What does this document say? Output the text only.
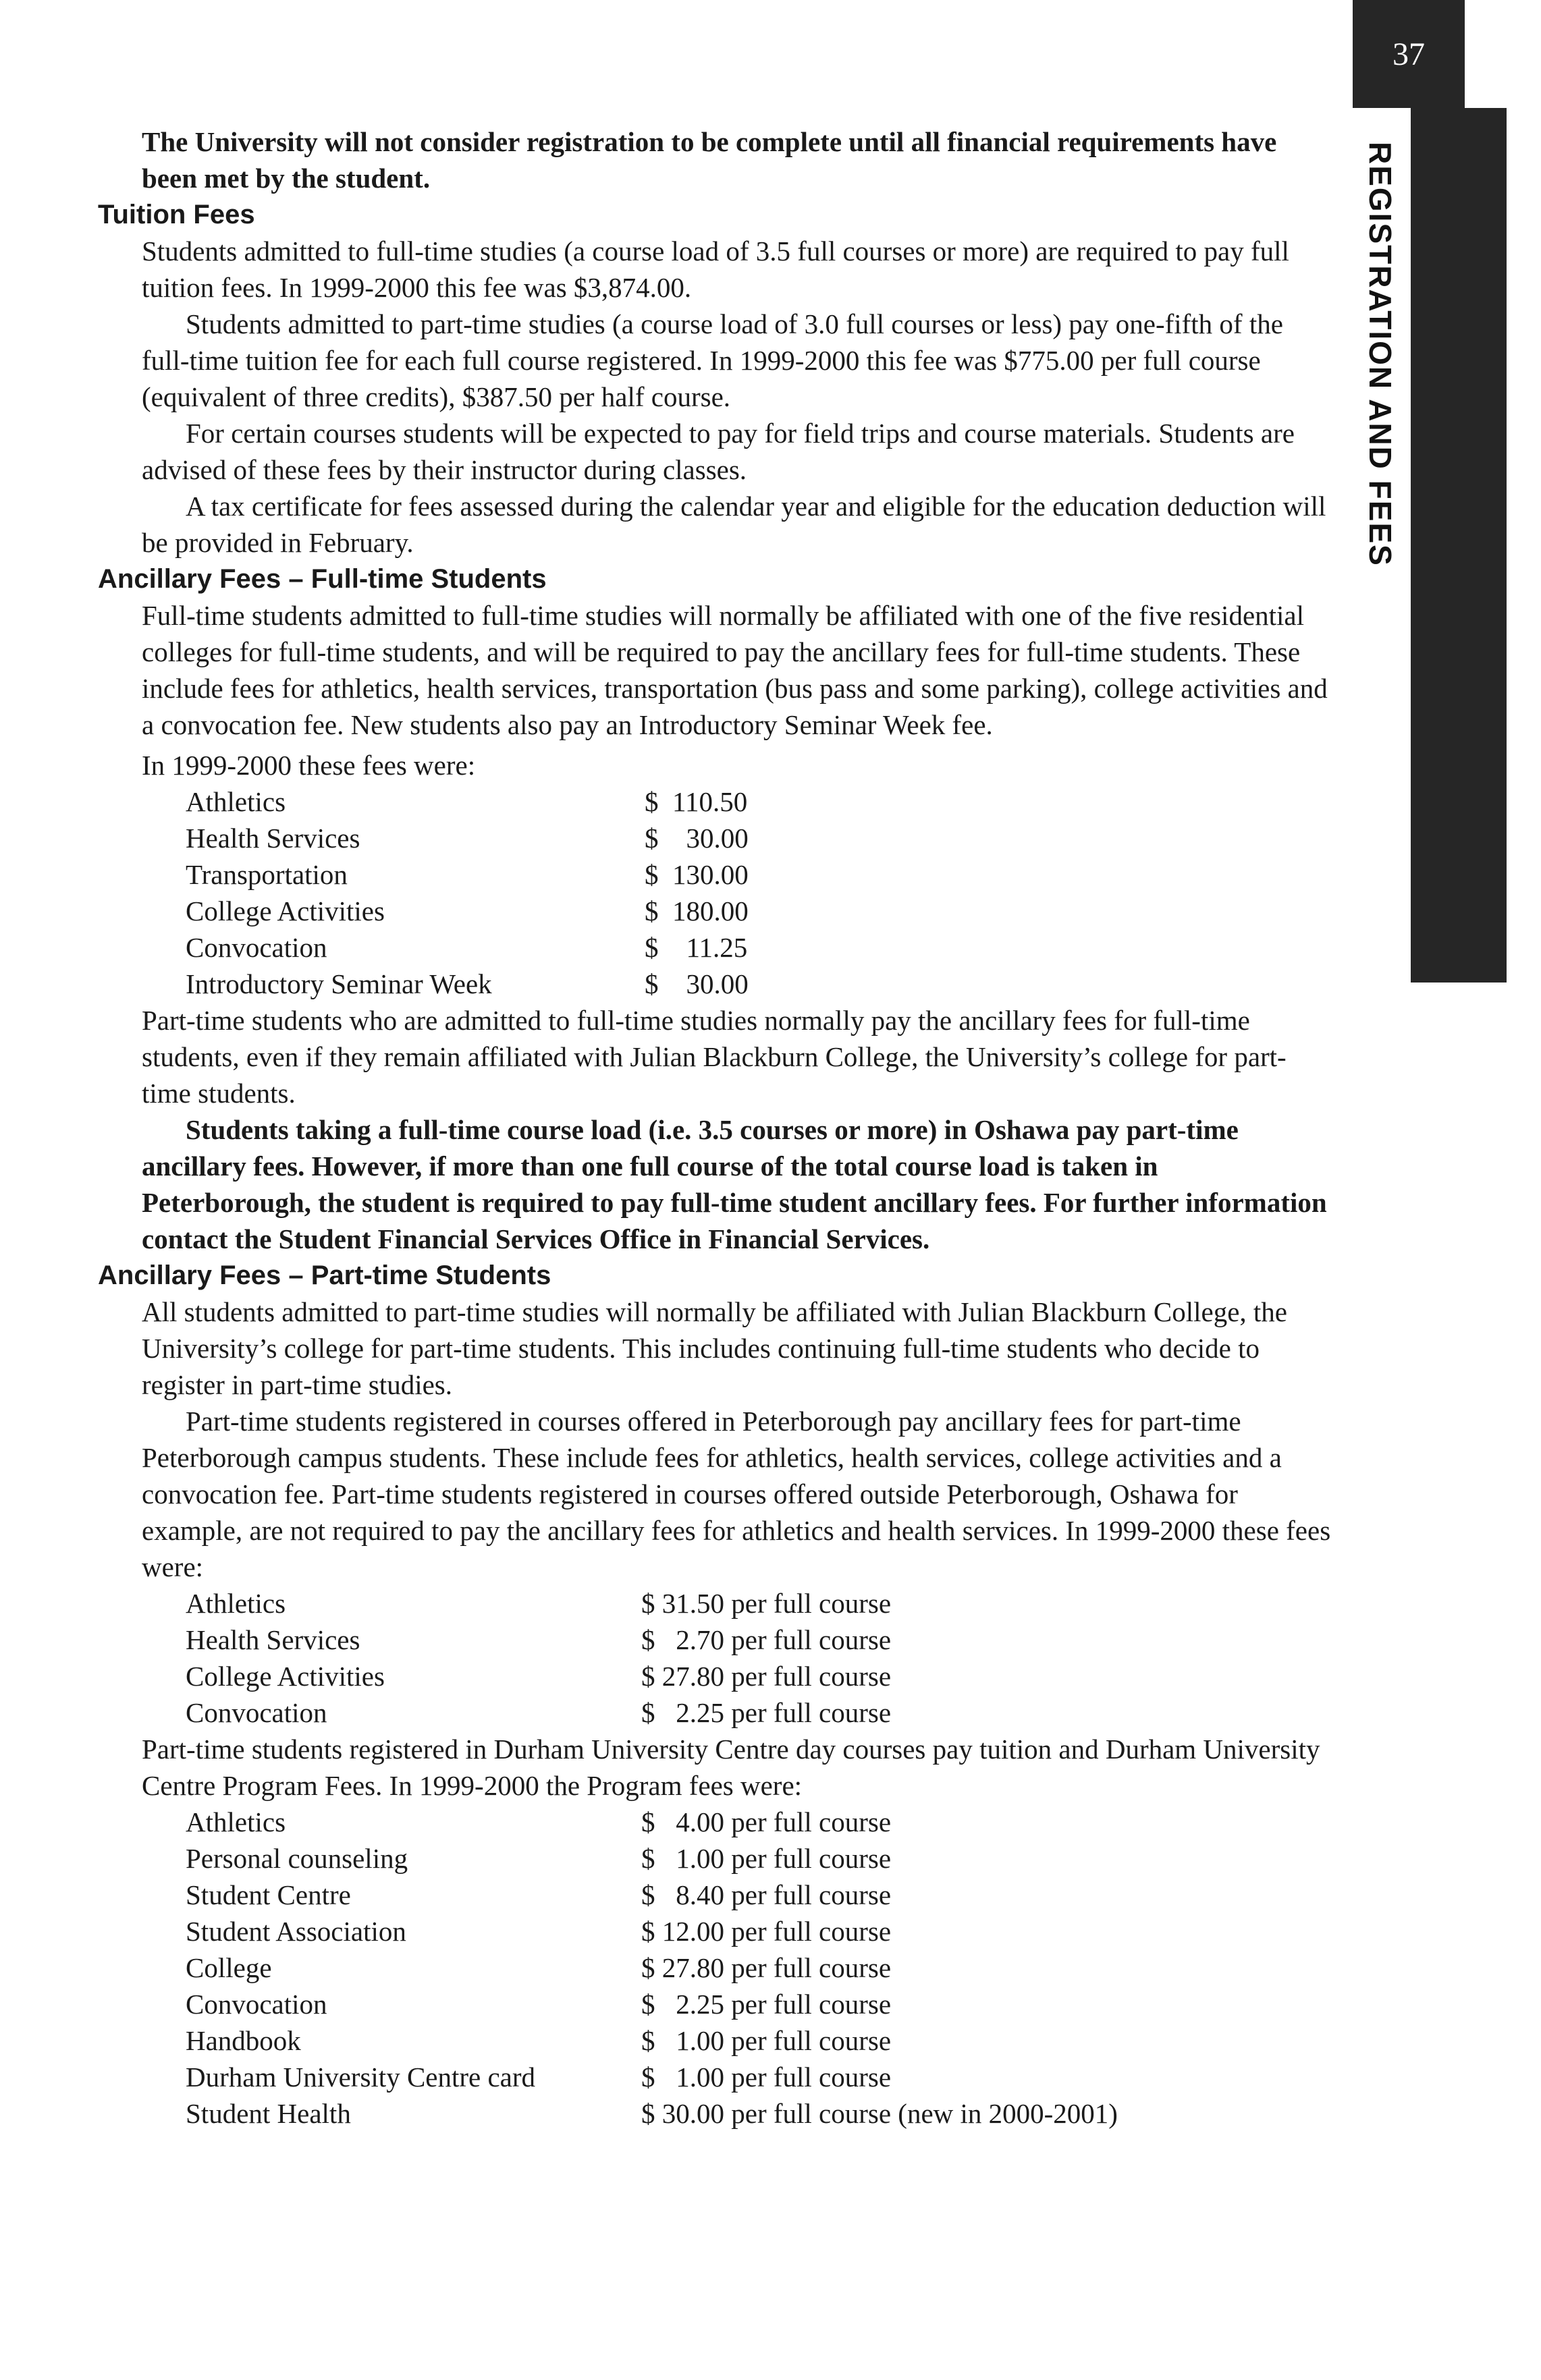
37
REGISTRATION AND FEES

The University will not consider registration to be complete until all financial requirements have been met by the student.

Tuition Fees

Students admitted to full-time studies (a course load of 3.5 full courses or more) are required to pay full tuition fees. In 1999-2000 this fee was $3,874.00.

Students admitted to part-time studies (a course load of 3.0 full courses or less) pay one-fifth of the full-time tuition fee for each full course registered. In 1999-2000 this fee was $775.00 per full course (equivalent of three credits), $387.50 per half course.

For certain courses students will be expected to pay for field trips and course materials. Students are advised of these fees by their instructor during classes.

A tax certificate for fees assessed during the calendar year and eligible for the education deduction will be provided in February.

Ancillary Fees – Full-time Students

Full-time students admitted to full-time studies will normally be affiliated with one of the five residential colleges for full-time students, and will be required to pay the ancillary fees for full-time students. These include fees for athletics, health services, transportation (bus pass and some parking), college activities and a convocation fee. New students also pay an Introductory Seminar Week fee.

In 1999-2000 these fees were:

Athletics	$  110.50
Health Services	$    30.00
Transportation	$  130.00
College Activities	$  180.00
Convocation	$    11.25
Introductory Seminar Week	$    30.00

Part-time students who are admitted to full-time studies normally pay the ancillary fees for full-time students, even if they remain affiliated with Julian Blackburn College, the University’s college for part-time students.

Students taking a full-time course load (i.e. 3.5 courses or more) in Oshawa pay part-time ancillary fees. However, if more than one full course of the total course load is taken in Peterborough, the student is required to pay full-time student ancillary fees. For further information contact the Student Financial Services Office in Financial Services.

Ancillary Fees – Part-time Students

All students admitted to part-time studies will normally be affiliated with Julian Blackburn College, the University’s college for part-time students. This includes continuing full-time students who decide to register in part-time studies.

Part-time students registered in courses offered in Peterborough pay ancillary fees for part-time Peterborough campus students. These include fees for athletics, health services, college activities and a convocation fee. Part-time students registered in courses offered outside Peterborough, Oshawa for example, are not required to pay the ancillary fees for athletics and health services. In 1999-2000 these fees were:

Athletics	$ 31.50 per full course
Health Services	$   2.70 per full course
College Activities	$ 27.80 per full course
Convocation	$   2.25 per full course

Part-time students registered in Durham University Centre day courses pay tuition and Durham University Centre Program Fees. In 1999-2000 the Program fees were:

Athletics	$   4.00 per full course
Personal counseling	$   1.00 per full course
Student Centre	$   8.40 per full course
Student Association	$ 12.00 per full course
College	$ 27.80 per full course
Convocation	$   2.25 per full course
Handbook	$   1.00 per full course
Durham University Centre card	$   1.00 per full course
Student Health	$ 30.00 per full course (new in 2000-2001)
